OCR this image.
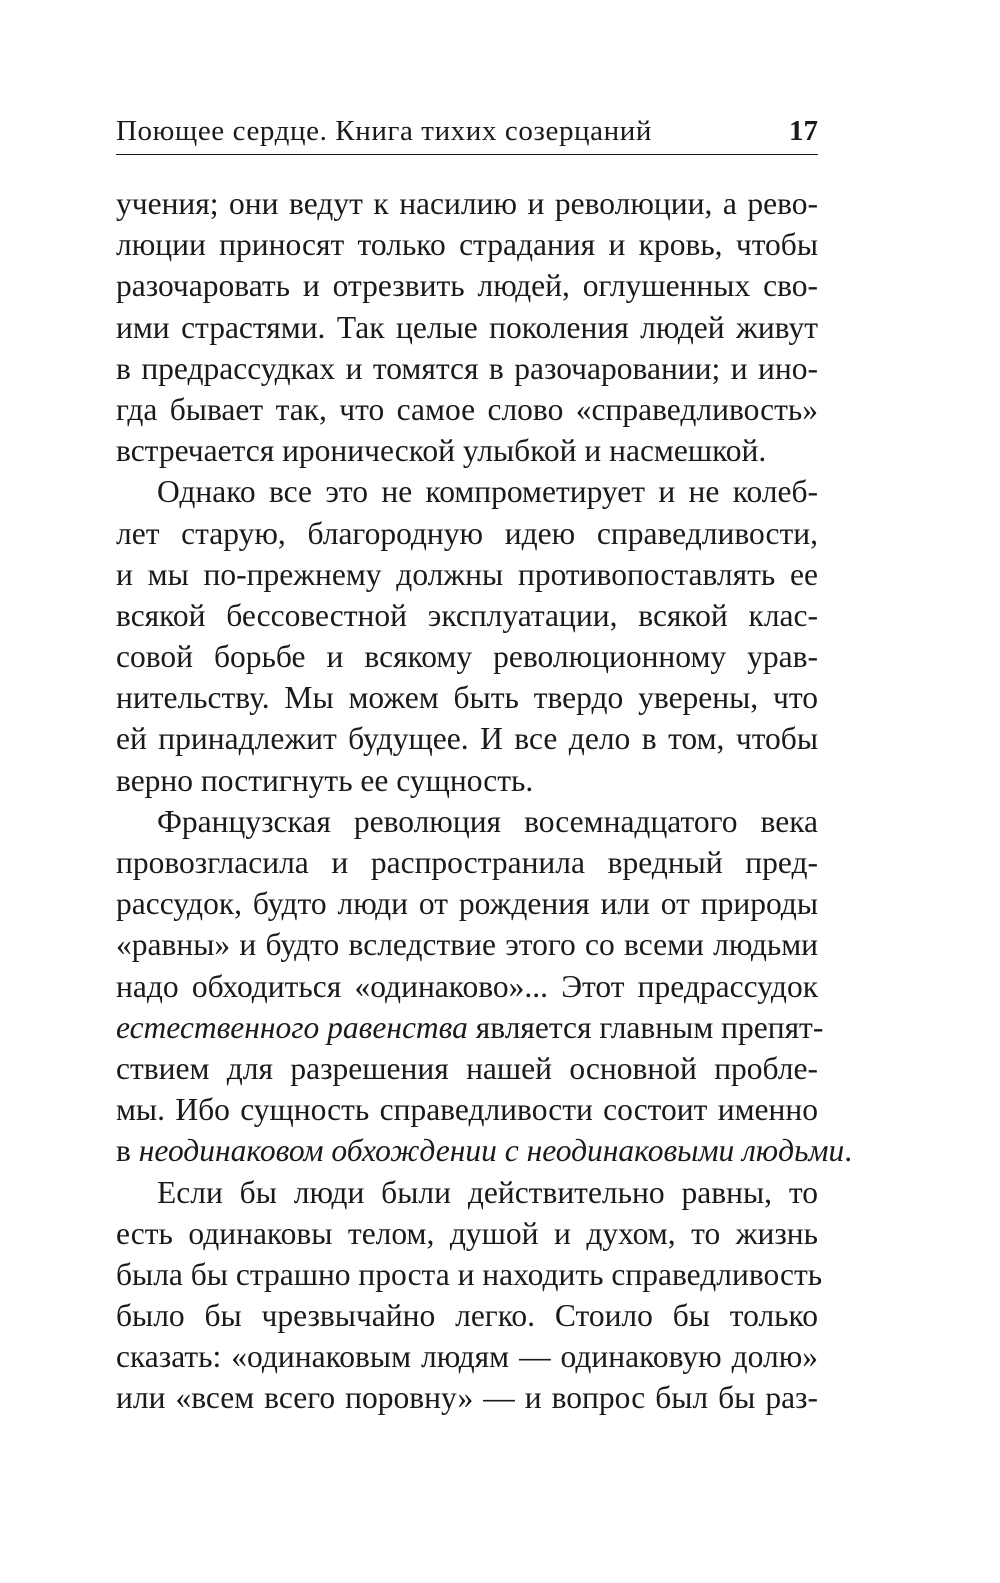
Поющее сердце. Книга тихих созерцаний	17
учения; они ведут к насилию и революции, а рево-
люции приносят только страдания и кровь, чтобы
разочаровать и отрезвить людей, оглушенных сво-
ими страстями. Так целые поколения людей живут
в предрассудках и томятся в разочаровании; и ино-
гда бывает так, что самое слово «справедливость»
встречается иронической улыбкой и насмешкой.
Однако все это не компрометирует и не колеб-
лет старую, благородную идею справедливости,
и мы по-прежнему должны противопоставлять ее
всякой бессовестной эксплуатации, всякой клас-
совой борьбе и всякому революционному урав-
нительству. Мы можем быть твердо уверены, что
ей принадлежит будущее. И все дело в том, чтобы
верно постигнуть ее сущность.
Французская революция восемнадцатого века
провозгласила и распространила вредный пред-
рассудок, будто люди от рождения или от природы
«равны» и будто вследствие этого со всеми людьми
надо обходиться «одинаково»... Этот предрассудок
естественного равенства является главным препят-
ствием для разрешения нашей основной пробле-
мы. Ибо сущность справедливости состоит именно
в неодинаковом обхождении с неодинаковыми людьми.
Если бы люди были действительно равны, то
есть одинаковы телом, душой и духом, то жизнь
была бы страшно проста и находить справедливость
было бы чрезвычайно легко. Стоило бы только
сказать: «одинаковым людям — одинаковую долю»
или «всем всего поровну» — и вопрос был бы раз-
